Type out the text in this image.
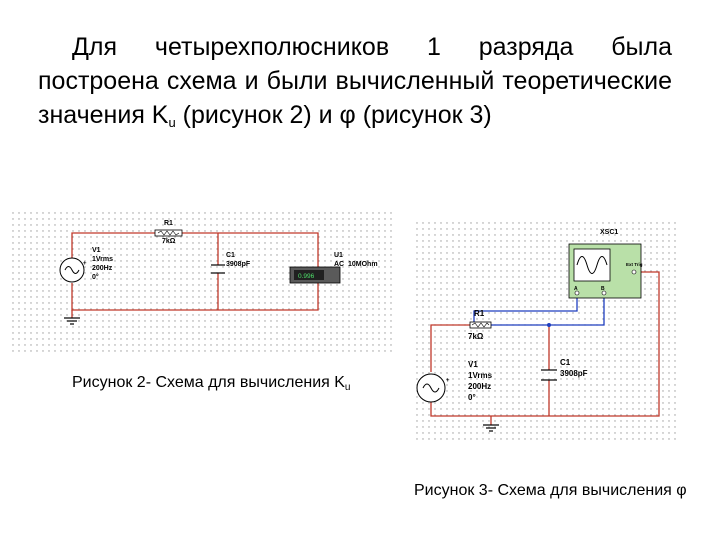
Для четырехполюсников 1 разряда была построена схема и были вычисленный теоретические значения $K_u$ (рисунок 2) и φ (рисунок 3)
+
0.996
R1
7kΩ
V1
1Vrms
200Hz
0°
C1
3908pF
U1
AC 10MOhm
Рисунок 2- Схема для вычисления $K_u$
+
XSC1
Ext Trig
A	B
R1
7kΩ
V1
1Vrms
200Hz
0°
C1
3908pF
Рисунок 3- Схема для вычисления φ
